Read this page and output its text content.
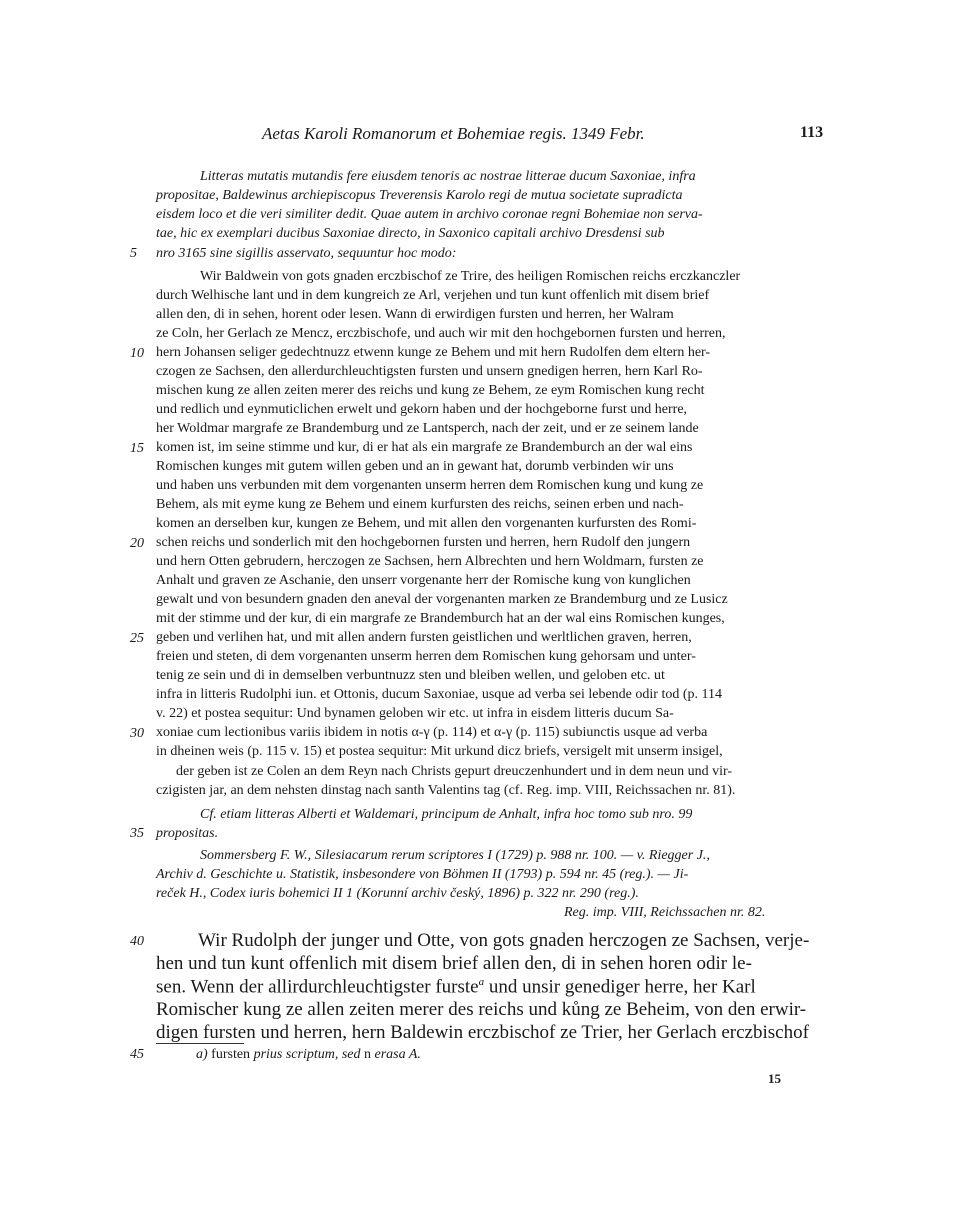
Aetas Karoli Romanorum et Bohemiae regis. 1349 Febr.	113
5
10
15
20
25
30
35
40
45
Litteras mutatis mutandis fere eiusdem tenoris ac nostrae litterae ducum Saxoniae, infra
propositae, Baldewinus archiepiscopus Treverensis Karolo regi de mutua societate supradicta
eisdem loco et die veri similiter dedit. Quae autem in archivo coronae regni Bohemiae non serva-
tae, hic ex exemplari ducibus Saxoniae directo, in Saxonico capitali archivo Dresdensi sub
nro 3165 sine sigillis asservato, sequuntur hoc modo:
Wir Baldwein von gots gnaden erczbischof ze Trire, des heiligen Romischen reichs erczkanczler
durch Welhische lant und in dem kungreich ze Arl, verjehen und tun kunt offenlich mit disem brief
allen den, di in sehen, horent oder lesen. Wann di erwirdigen fursten und herren, her Walram
ze Coln, her Gerlach ze Mencz, erczbischofe, und auch wir mit den hochgebornen fursten und herren,
hern Johansen seliger gedechtnuzz etwenn kunge ze Behem und mit hern Rudolfen dem eltern her-
czogen ze Sachsen, den allerdurchleuchtigsten fursten und unsern gnedigen herren, hern Karl Ro-
mischen kung ze allen zeiten merer des reichs und kung ze Behem, ze eym Romischen kung recht
und redlich und eynmuticlichen erwelt und gekorn haben und der hochgeborne furst und herre,
her Woldmar margrafe ze Brandemburg und ze Lantsperch, nach der zeit, und er ze seinem lande
komen ist, im seine stimme und kur, di er hat als ein margrafe ze Brandemburch an der wal eins
Romischen kunges mit gutem willen geben und an in gewant hat, dorumb verbinden wir uns
und haben uns verbunden mit dem vorgenanten unserm herren dem Romischen kung und kung ze
Behem, als mit eyme kung ze Behem und einem kurfursten des reichs, seinen erben und nach-
komen an derselben kur, kungen ze Behem, und mit allen den vorgenanten kurfursten des Romi-
schen reichs und sonderlich mit den hochgebornen fursten und herren, hern Rudolf den jungern
und hern Otten gebrudern, herczogen ze Sachsen, hern Albrechten und hern Woldmarn, fursten ze
Anhalt und graven ze Aschanie, den unserr vorgenante herr der Romische kung von kunglichen
gewalt und von besundern gnaden den aneval der vorgenanten marken ze Brandemburg und ze Lusicz
mit der stimme und der kur, di ein margrafe ze Brandemburch hat an der wal eins Romischen kunges,
geben und verlihen hat, und mit allen andern fursten geistlichen und werltlichen graven, herren,
freien und steten, di dem vorgenanten unserm herren dem Romischen kung gehorsam und unter-
tenig ze sein und di in demselben verbuntnuzz sten und bleiben wellen, und geloben etc. ut
infra in litteris Rudolphi iun. et Ottonis, ducum Saxoniae, usque ad verba sei lebende odir tod (p. 114
v. 22) et postea sequitur: Und bynamen geloben wir etc. ut infra in eisdem litteris ducum Sa-
xoniae cum lectionibus variis ibidem in notis α-γ (p. 114) et α-γ (p. 115) subiunctis usque ad verba
in dheinen weis (p. 115 v. 15) et postea sequitur: Mit urkund dicz briefs, versigelt mit unserm insigel,
der geben ist ze Colen an dem Reyn nach Christs gepurt dreuczenhundert und in dem neun und vir-
czigisten jar, an dem nehsten dinstag nach santh Valentins tag (cf. Reg. imp. VIII, Reichssachen nr. 81).
Cf. etiam litteras Alberti et Waldemari, principum de Anhalt, infra hoc tomo sub nro. 99
propositas.
Sommersberg F. W., Silesiacarum rerum scriptores I (1729) p. 988 nr. 100. — v. Riegger J.,
Archiv d. Geschichte u. Statistik, insbesondere von Böhmen II (1793) p. 594 nr. 45 (reg.). — Ji-
reček H., Codex iuris bohemici II 1 (Korunní archiv český, 1896) p. 322 nr. 290 (reg.).
Reg. imp. VIII, Reichssachen nr. 82.
Wir Rudolph der junger und Otte, von gots gnaden herczogen ze Sachsen, verje-
hen und tun kunt offenlich mit disem brief allen den, di in sehen horen odir le-
sen. Wenn der allirdurchleuchtigster furste$^a$ und unsir genediger herre, her Karl
Romischer kung ze allen zeiten merer des reichs und kůng ze Beheim, von den erwir-
digen fursten und herren, hern Baldewin erczbischof ze Trier, her Gerlach erczbischof
a) fursten prius scriptum, sed n erasa A.
15
